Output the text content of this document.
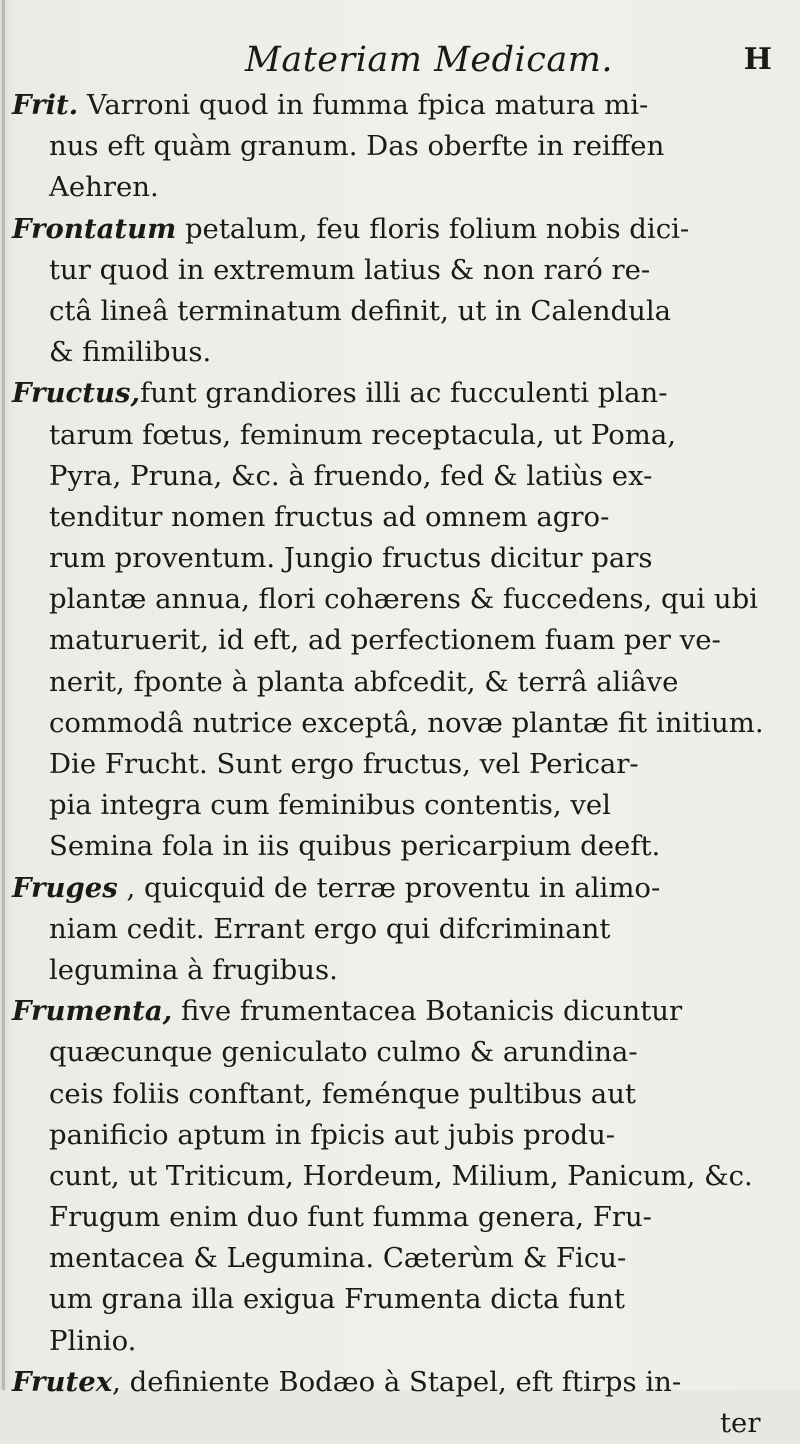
Materiam Medicam.	H
Frit. Varroni quod in fumma fpica matura mi-
nus eft quàm granum. Das oberfte in reiffen
Aehren.
Frontatum petalum, feu floris folium nobis dici-
tur quod in extremum latius & non raró re-
ctâ lineâ terminatum definit, ut in Calendula
& fimilibus.
Fructus,funt grandiores illi ac fucculenti plan-
tarum fœtus, feminum receptacula, ut Poma,
Pyra, Pruna, &c. à fruendo, fed & latiùs ex-
tenditur nomen fructus ad omnem agro-
rum proventum. Jungio fructus dicitur pars
plantæ annua, flori cohærens & fuccedens, qui ubi
maturuerit, id eft, ad perfectionem fuam per ve-
nerit, fponte à planta abfcedit, & terrâ aliâve
commodâ nutrice exceptâ, novæ plantæ fit initium.
Die Frucht. Sunt ergo fructus, vel Pericar-
pia integra cum feminibus contentis, vel
Semina fola in iis quibus pericarpium deeft.
Fruges , quicquid de terræ proventu in alimo-
niam cedit. Errant ergo qui difcriminant
legumina à frugibus.
Frumenta, five frumentacea Botanicis dicuntur
quæcunque geniculato culmo & arundina-
ceis foliis conftant, feménque pultibus aut
panificio aptum in fpicis aut jubis produ-
cunt, ut Triticum, Hordeum, Milium, Panicum, &c.
Frugum enim duo funt fumma genera, Fru-
mentacea & Legumina. Cæterùm & Ficu-
um grana illa exigua Frumenta dicta funt
Plinio.
Frutex, definiente Bodæo à Stapel, eft ftirps in-
ter
